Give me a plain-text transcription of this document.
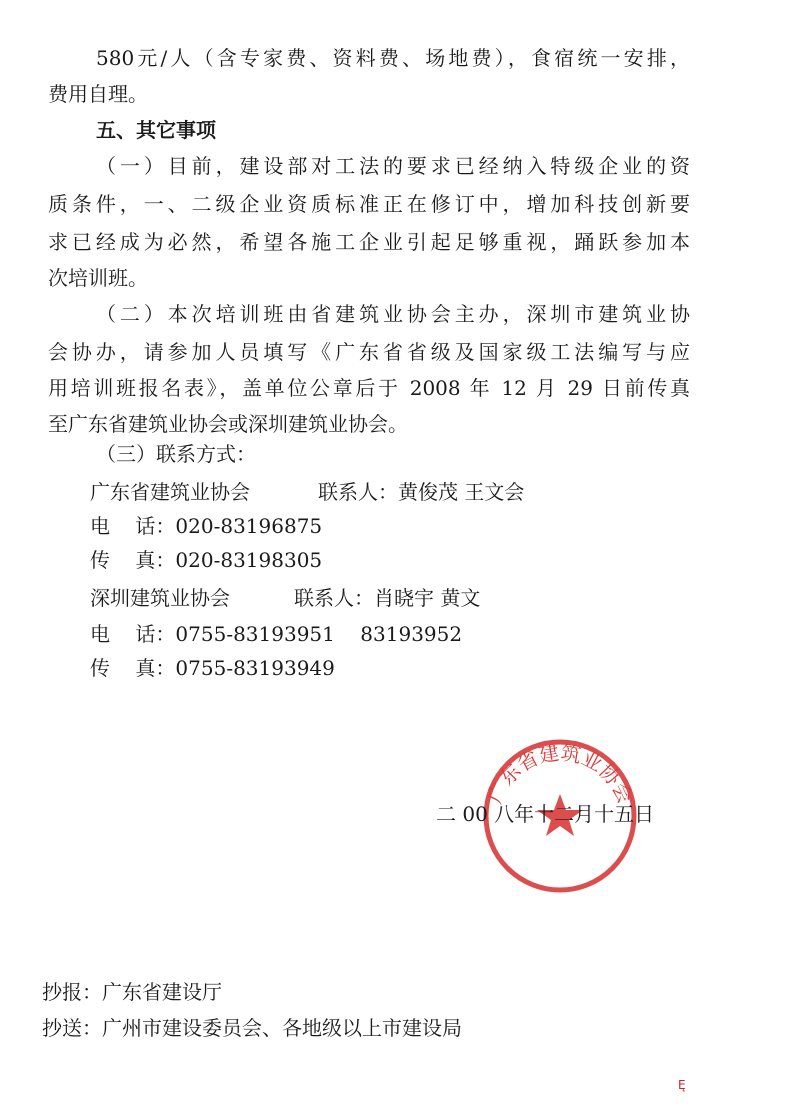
580元/人（含专家费、资料费、场地费），食宿统一安排，
费用自理。
五、其它事项
（一）目前，建设部对工法的要求已经纳入特级企业的资
质条件，一、二级企业资质标准正在修订中，增加科技创新要
求已经成为必然，希望各施工企业引起足够重视，踊跃参加本
次培训班。
（二）本次培训班由省建筑业协会主办，深圳市建筑业协
会协办，请参加人员填写《广东省省级及国家级工法编写与应
用培训班报名表》，盖单位公章后于 2008 年 12 月 29 日前传真
至广东省建筑业协会或深圳建筑业协会。
（三）联系方式：
广东省建筑业协会	联系人：黄俊茂 王文会
电    话：020-83196875
传    真：020-83198305
深圳建筑业协会	联系人：肖晓宇 黄文
电    话：0755-83193951    83193952
传    真：0755-83193949
广东省建筑业协会
二 00 八年十二月十五日
抄报：广东省建设厅
抄送：广州市建设委员会、各地级以上市建设局
Ę
